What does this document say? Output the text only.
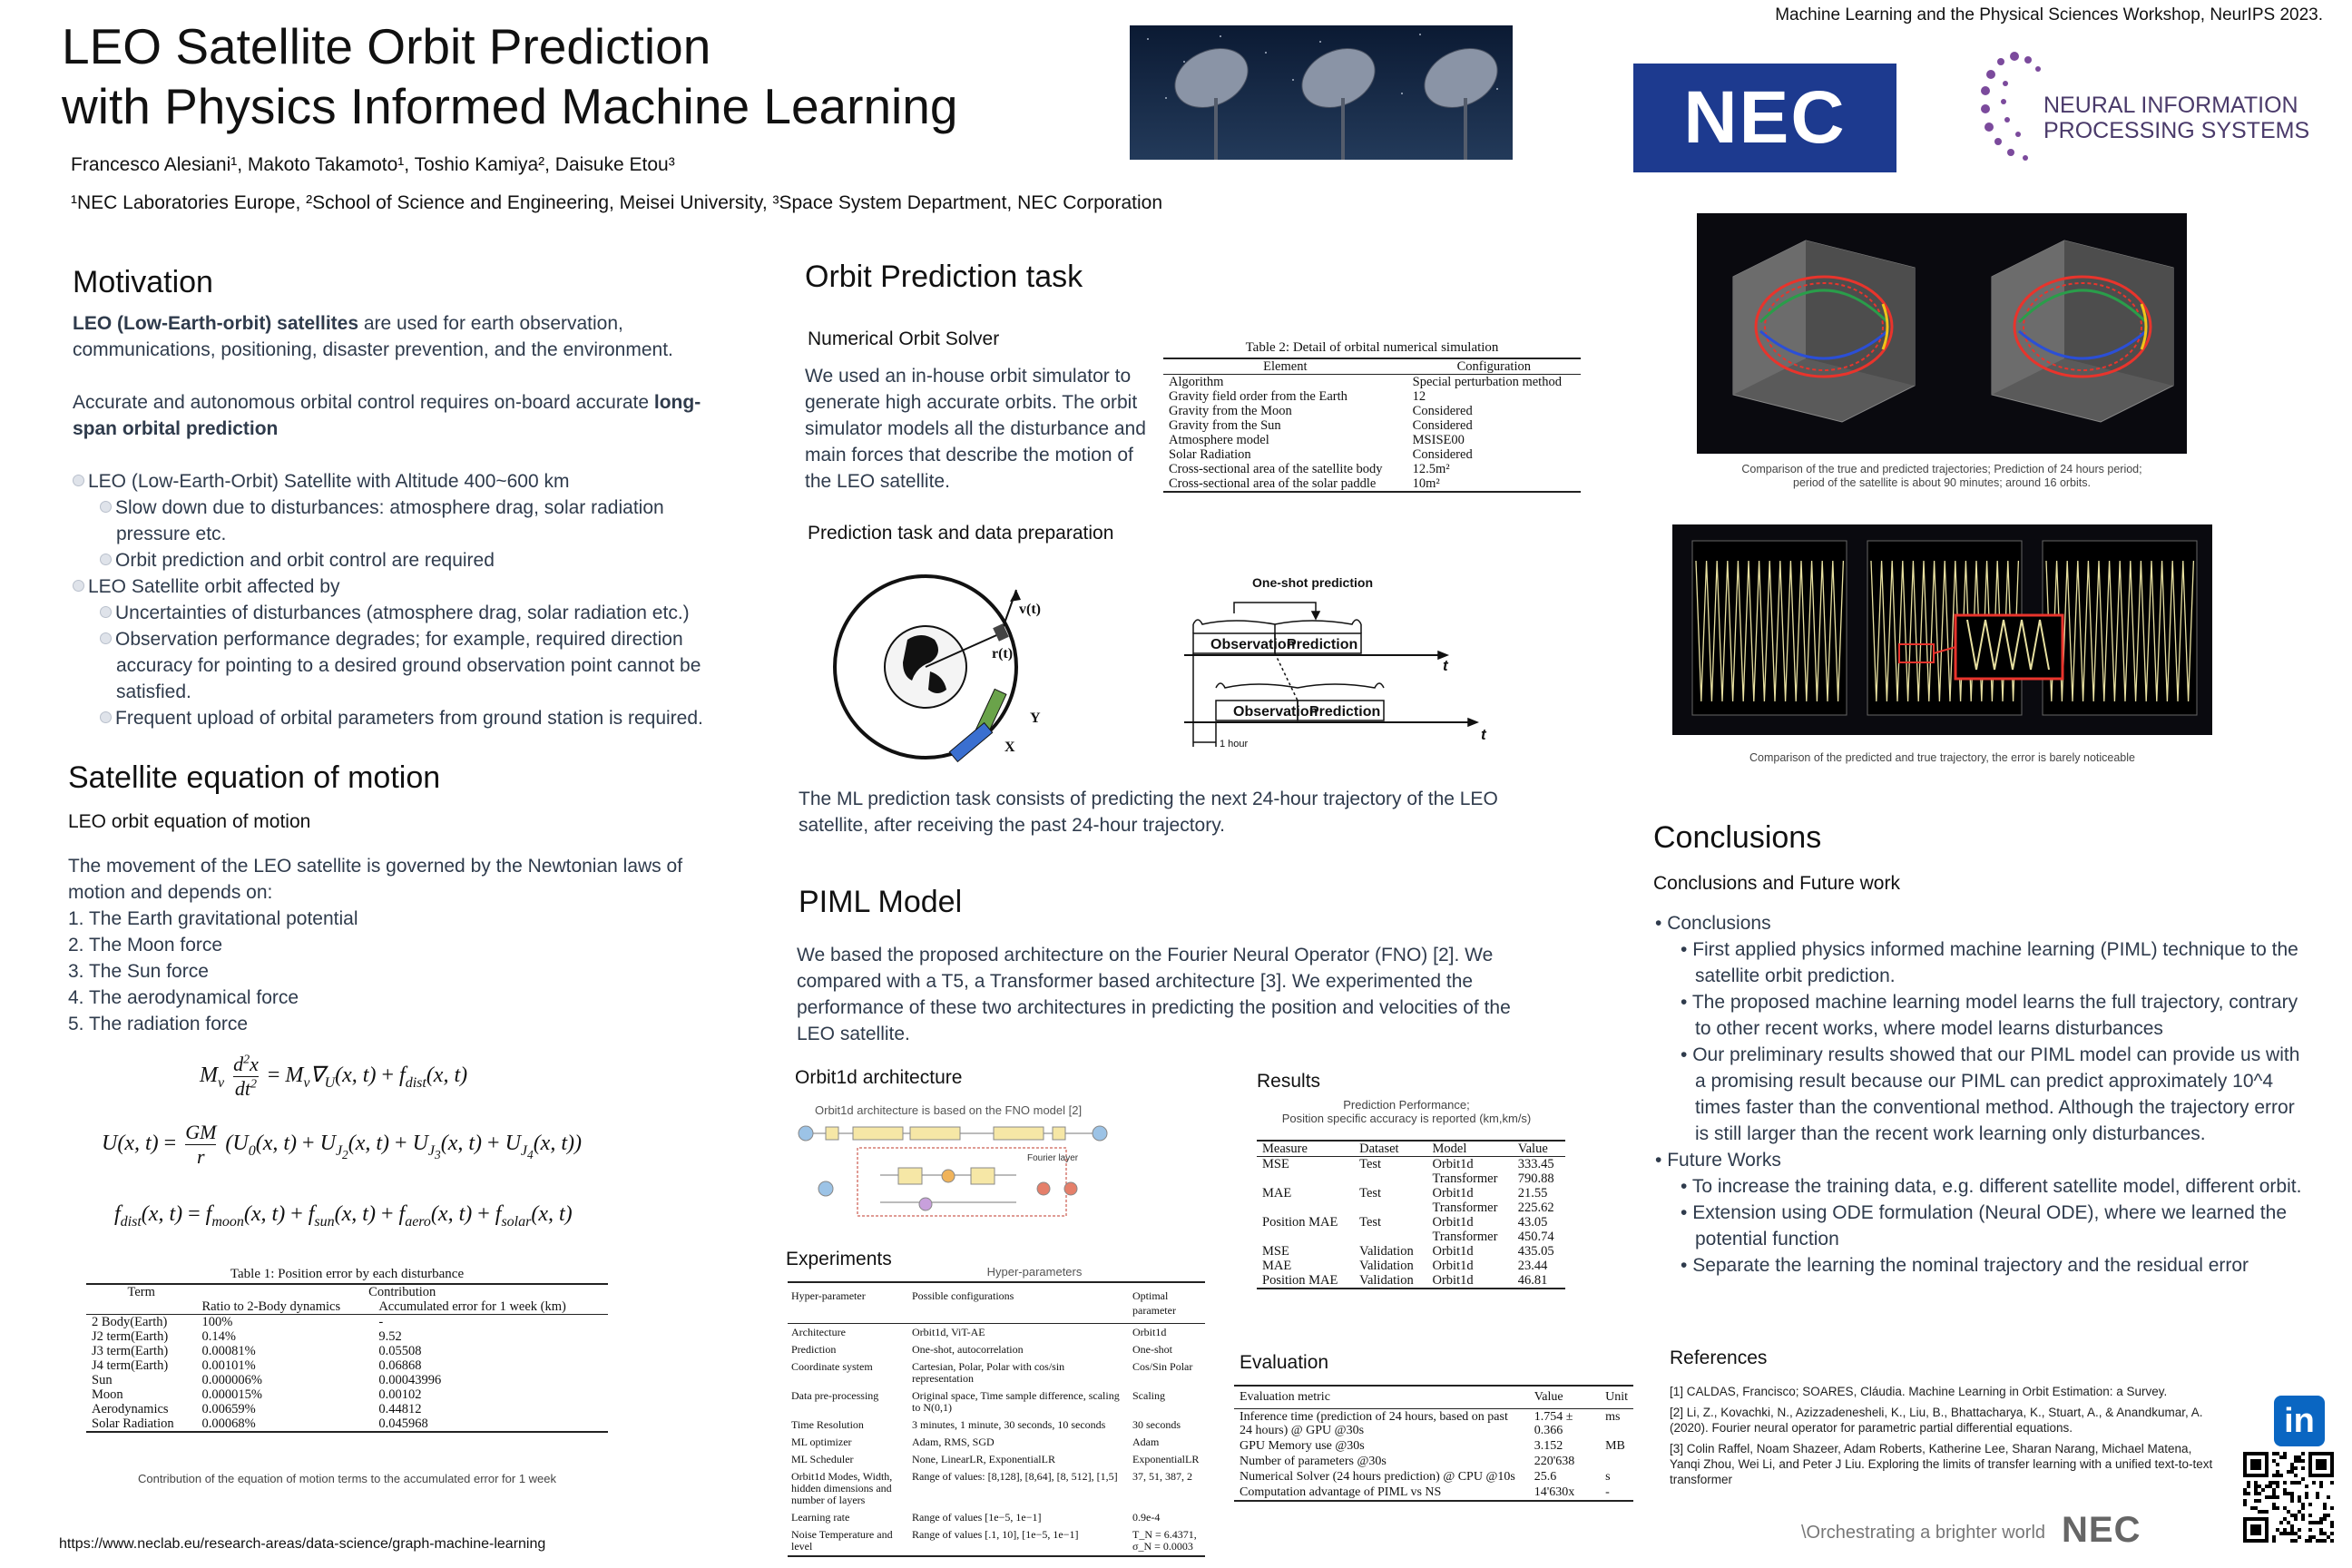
LEO Satellite Orbit Prediction
with Physics Informed Machine Learning
Francesco Alesiani¹, Makoto Takamoto¹, Toshio Kamiya², Daisuke Etou³
¹NEC Laboratories Europe, ²School of Science and Engineering, Meisei University, ³Space System Department, NEC Corporation
Machine Learning and the Physical Sciences Workshop, NeurIPS 2023.
NEC	NEURAL INFORMATION
PROCESSING SYSTEMS
Motivation
LEO (Low-Earth-orbit) satellites are used for earth observation, communications, positioning, disaster prevention, and the environment.
Accurate and autonomous orbital control requires on-board accurate long-span orbital prediction
LEO (Low-Earth-Orbit) Satellite with Altitude 400~600 km
Slow down due to disturbances: atmosphere drag, solar radiation pressure etc.
Orbit prediction and orbit control are required
LEO Satellite orbit affected by
Uncertainties of disturbances (atmosphere drag, solar radiation etc.)
Observation performance degrades; for example, required direction accuracy for pointing to a desired ground observation point cannot be satisfied.
Frequent upload of orbital parameters from ground station is required.
Satellite equation of motion
LEO orbit equation of motion
The movement of the LEO satellite is governed by the Newtonian laws of motion and depends on:
1. The Earth gravitational potential
2. The Moon force
3. The Sun force
4. The aerodynamical force
5. The radiation force
$M_v \frac{d^2x}{dt^2} = M_v\nabla_U(x$, $t) + f_{dist}(x$, t)
U(x, $t) = \frac{GM}{r} (U_0(x$, $t) + U_{J_2}(x$, $t) + U_{J_3}(x$, $t) + U_{J_4}(x$, t))
$f_{dist}(x$, $t) = f_{moon}(x$, $t) + f_{sun}(x$, $t) + f_{aero}(x$, $t) + f_{solar}(x$, t)
Table 1: Position error by each disturbance
Term	Contribution	
	Ratio to 2-Body dynamics	Accumulated error for 1 week (km)
2 Body(Earth)	100%	-
J2 term(Earth)	0.14%	9.52
J3 term(Earth)	0.00081%	0.05508
J4 term(Earth)	0.00101%	0.06868
Sun	0.000006%	0.00043996
Moon	0.000015%	0.00102
Aerodynamics	0.00659%	0.44812
Solar Radiation	0.00068%	0.045968
Contribution of the equation of motion terms to the accumulated error for 1 week
https://www.neclab.eu/research-areas/data-science/graph-machine-learning
Orbit Prediction task
Numerical Orbit Solver
We used an in-house orbit simulator to generate high accurate orbits. The orbit simulator models all the disturbance and main forces that describe the motion of the LEO satellite.
Table 2: Detail of orbital numerical simulation
Element	Configuration
Algorithm	Special perturbation method
Gravity field order from the Earth	12
Gravity from the Moon	Considered
Gravity from the Sun	Considered
Atmosphere model	MSISE00
Solar Radiation	Considered
Cross-sectional area of the satellite body	12.5m²
Cross-sectional area of the solar paddle	10m²
Prediction task and data preparation
v(t)
r(t)
Y
X
One-shot prediction
Observation
Prediction
t
Observation
Prediction
t
1 hour
The ML prediction task consists of predicting the next 24-hour trajectory of the LEO satellite, after receiving the past 24-hour trajectory.
PIML Model
We based the proposed architecture on the Fourier Neural Operator (FNO) [2]. We compared with a T5, a Transformer based architecture [3]. We experimented the performance of these two architectures in predicting the position and velocities of the LEO satellite.
Orbit1d architecture
Orbit1d architecture is based on the FNO model [2]
Fourier layer
Results
Prediction Performance;
Position specific accuracy is reported (km,km/s)
Measure	Dataset	Model	Value
MSE	Test	Orbit1d	333.45
		Transformer	790.88
MAE	Test	Orbit1d	21.55
		Transformer	225.62
Position MAE	Test	Orbit1d	43.05
		Transformer	450.74
MSE	Validation	Orbit1d	435.05
MAE	Validation	Orbit1d	23.44
Position MAE	Validation	Orbit1d	46.81
Experiments
Hyper-parameters
Hyper-parameter	Possible configurations	Optimal parameter
Architecture	Orbit1d, ViT-AE	Orbit1d
Prediction	One-shot, autocorrelation	One-shot
Coordinate system	Cartesian, Polar, Polar with cos/sin representation	Cos/Sin Polar
Data pre-processing	Original space, Time sample difference, scaling to N(0,1)	Scaling
Time Resolution	3 minutes, 1 minute, 30 seconds, 10 seconds	30 seconds
ML optimizer	Adam, RMS, SGD	Adam
ML Scheduler	None, LinearLR, ExponentialLR	ExponentialLR
Orbit1d Modes, Width, hidden dimensions and number of layers	Range of values: [8,128], [8,64], [8, 512], [1,5]	37, 51, 387, 2
Learning rate	Range of values [1e−5, 1e−1]	0.9e-4
Noise Temperature and level	Range of values [.1, 10], [1e−5, 1e−1]	T_N = 6.4371, σ_N = 0.0003
Evaluation
Evaluation metric	Value	Unit
Inference time (prediction of 24 hours, based on past 24 hours) @ GPU @30s	1.754 ± 0.366	ms
GPU Memory use @30s	3.152	MB
Number of parameters @30s	220'638	
Numerical Solver (24 hours prediction) @ CPU @10s	25.6	s
Computation advantage of PIML vs NS	14'630x	-
Comparison of the true and predicted trajectories; Prediction of 24 hours period;
period of the satellite is about 90 minutes; around 16 orbits.
Comparison of the predicted and true trajectory, the error is barely noticeable
Conclusions
Conclusions and Future work
• Conclusions
• First applied physics informed machine learning (PIML) technique to the satellite orbit prediction.
• The proposed machine learning model learns the full trajectory, contrary to other recent works, where model learns disturbances
• Our preliminary results showed that our PIML model can provide us with a promising result because our PIML can predict approximately 10^4 times faster than the conventional method. Although the trajectory error is still larger than the recent work learning only disturbances.
• Future Works
• To increase the training data, e.g. different satellite model, different orbit.
• Extension using ODE formulation (Neural ODE), where we learned the potential function
• Separate the learning the nominal trajectory and the residual error
References
[1] CALDAS, Francisco; SOARES, Cláudia. Machine Learning in Orbit Estimation: a Survey.
[2] Li, Z., Kovachki, N., Azizzadenesheli, K., Liu, B., Bhattacharya, K., Stuart, A., & Anandkumar, A. (2020). Fourier neural operator for parametric partial differential equations.
[3] Colin Raffel, Noam Shazeer, Adam Roberts, Katherine Lee, Sharan Narang, Michael Matena, Yanqi Zhou, Wei Li, and Peter J Liu. Exploring the limits of transfer learning with a unified text-to-text transformer
in
\Orchestrating a brighter world NEC
